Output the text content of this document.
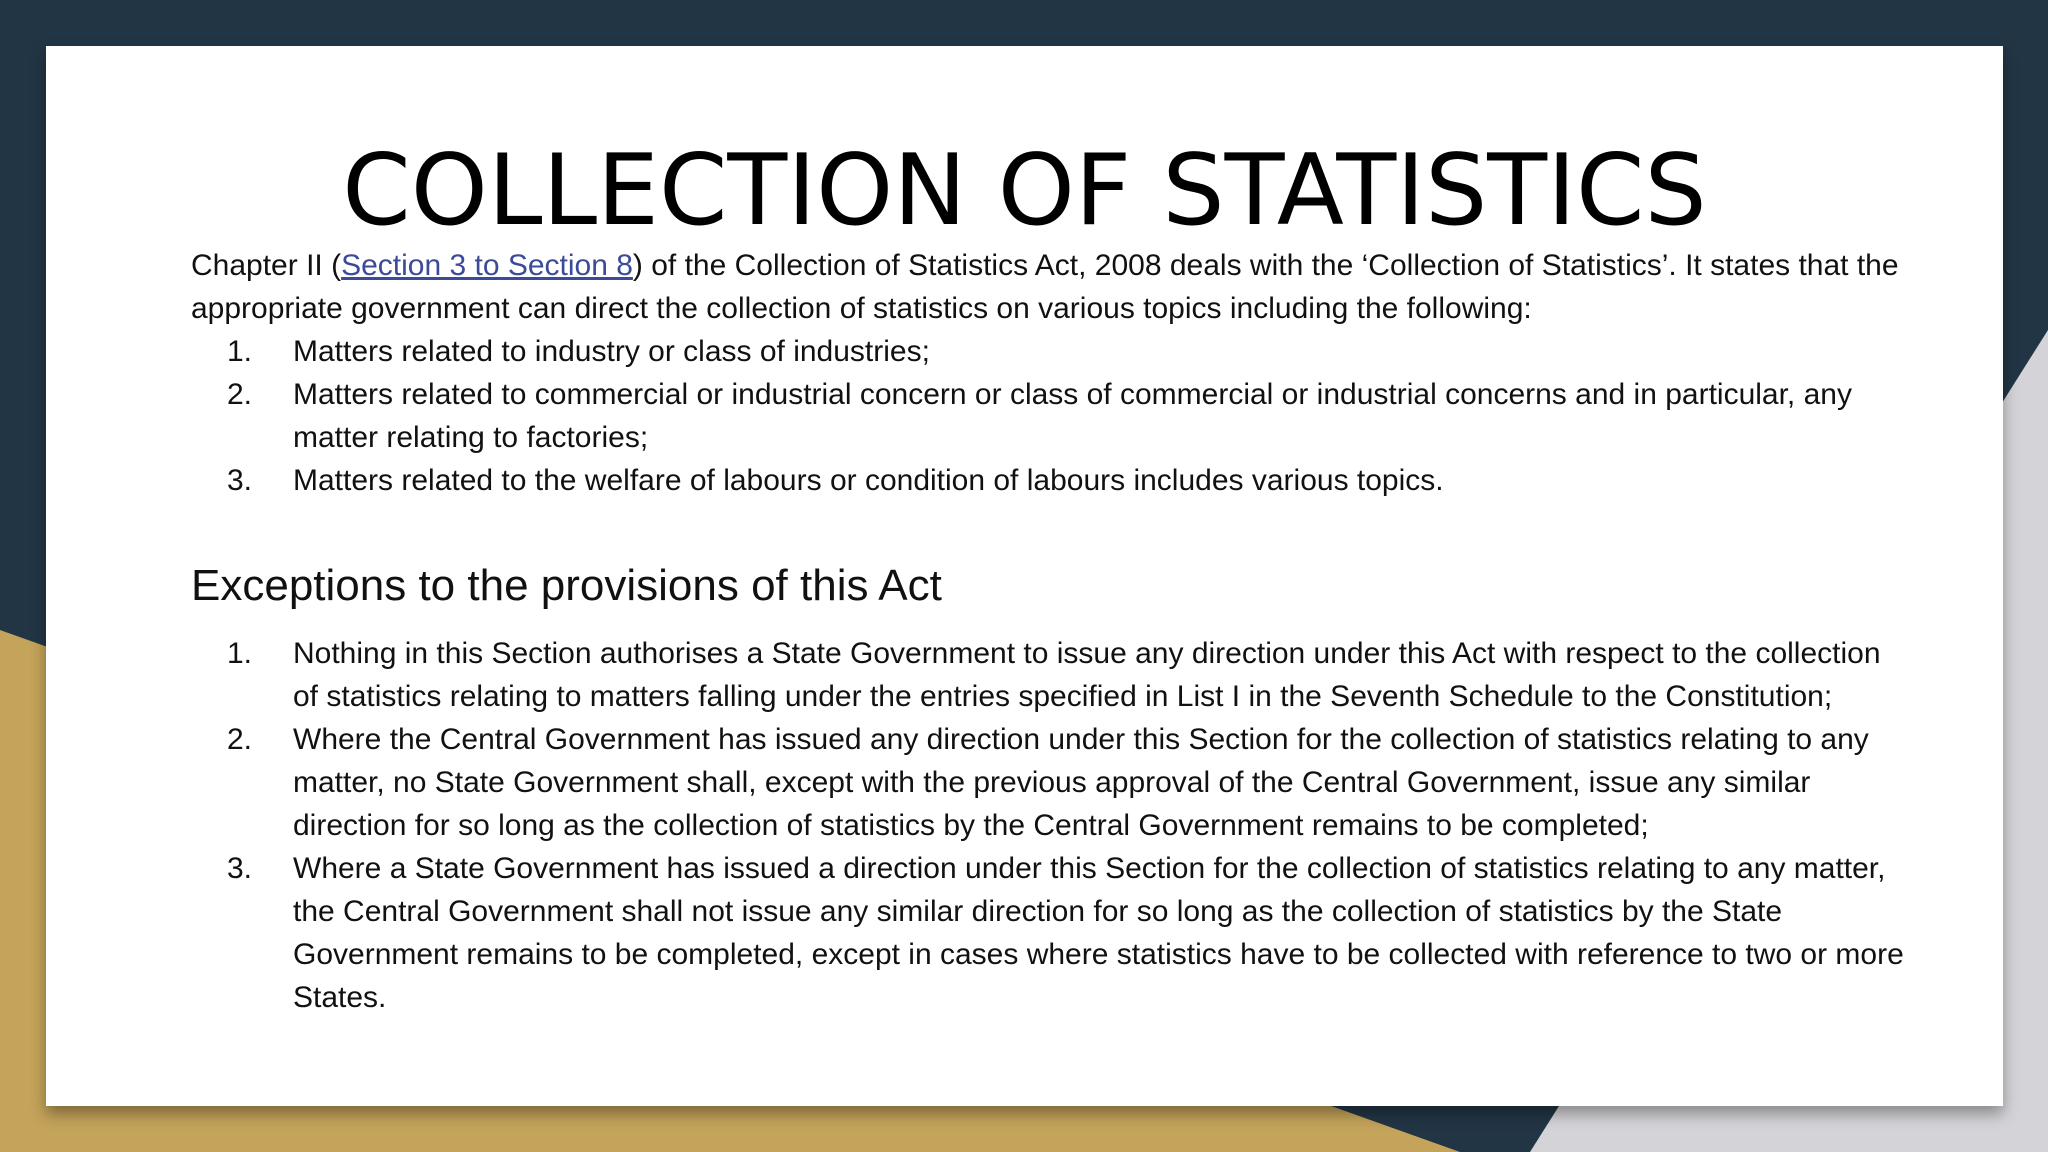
COLLECTION OF STATISTICS

Chapter II (Section 3 to Section 8) of the Collection of Statistics Act, 2008 deals with the ‘Collection of Statistics’. It states that the appropriate government can direct the collection of statistics on various topics including the following:

1. Matters related to industry or class of industries;
2. Matters related to commercial or industrial concern or class of commercial or industrial concerns and in particular, any matter relating to factories;
3. Matters related to the welfare of labours or condition of labours includes various topics.
Exceptions to the provisions of this Act
1. Nothing in this Section authorises a State Government to issue any direction under this Act with respect to the collection of statistics relating to matters falling under the entries specified in List I in the Seventh Schedule to the Constitution;
2. Where the Central Government has issued any direction under this Section for the collection of statistics relating to any matter, no State Government shall, except with the previous approval of the Central Government, issue any similar direction for so long as the collection of statistics by the Central Government remains to be completed;
3. Where a State Government has issued a direction under this Section for the collection of statistics relating to any matter, the Central Government shall not issue any similar direction for so long as the collection of statistics by the State Government remains to be completed, except in cases where statistics have to be collected with reference to two or more States.
